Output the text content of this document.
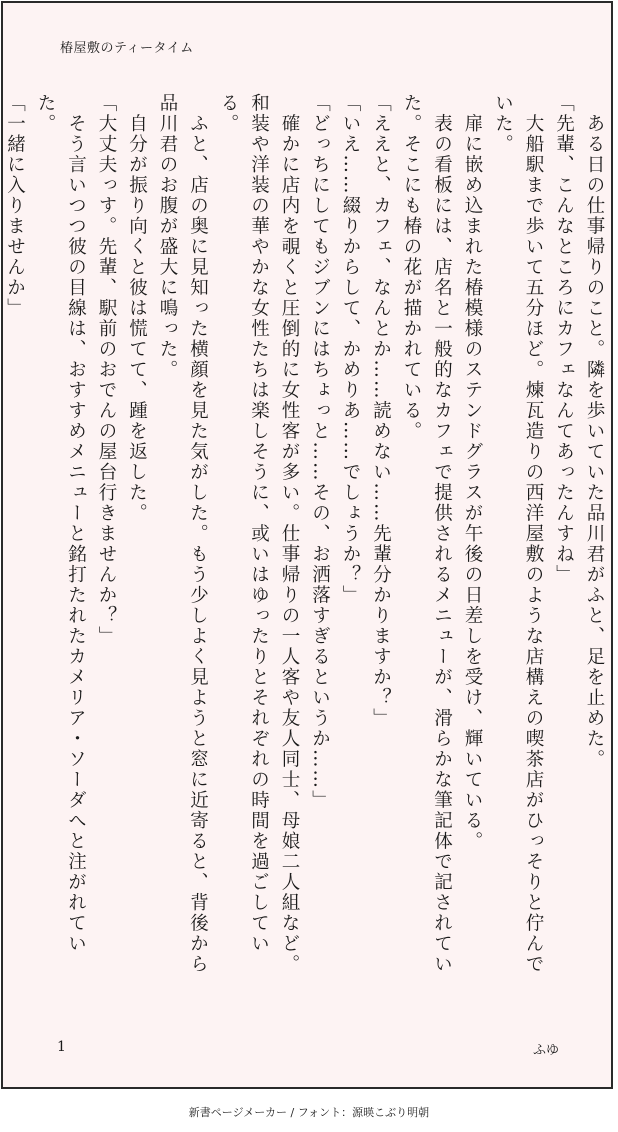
椿屋敷のティータイム

　ある日の仕事帰りのこと。隣を歩いていた品川君がふと、足を止めた。

「先輩、こんなところにカフェなんてあったんすね」

　大船駅まで歩いて五分ほど。煉瓦造りの西洋屋敷のような店構えの喫茶店がひっそりと佇んでいた。

　扉に嵌め込まれた椿模様のステンドグラスが午後の日差しを受け、輝いている。

　表の看板には、店名と一般的なカフェで提供されるメニューが、滑らかな筆記体で記されていた。そこにも椿の花が描かれている。

「ええと、カフェ、なんとか……読めない……先輩分かりますか？」

「いえ……綴りからして、かめりあ……でしょうか？」

「どっちにしてもジブンにはちょっと……その、お洒落すぎるというか……」

　確かに店内を覗くと圧倒的に女性客が多い。仕事帰りの一人客や友人同士、母娘二人組など。和装や洋装の華やかな女性たちは楽しそうに、或いはゆったりとそれぞれの時間を過ごしている。

　ふと、店の奥に見知った横顔を見た気がした。もう少しよく見ようと窓に近寄ると、背後から品川君のお腹が盛大に鳴った。

　自分が振り向くと彼は慌てて、踵を返した。

「大丈夫っす。先輩、駅前のおでんの屋台行きませんか？」

　そう言いつつ彼の目線は、おすすめメニューと銘打たれたカメリア・ソーダへと注がれていた。

「一緒に入りませんか」

1	ふゆ
新書ページメーカー / フォント：源暎こぶり明朝
